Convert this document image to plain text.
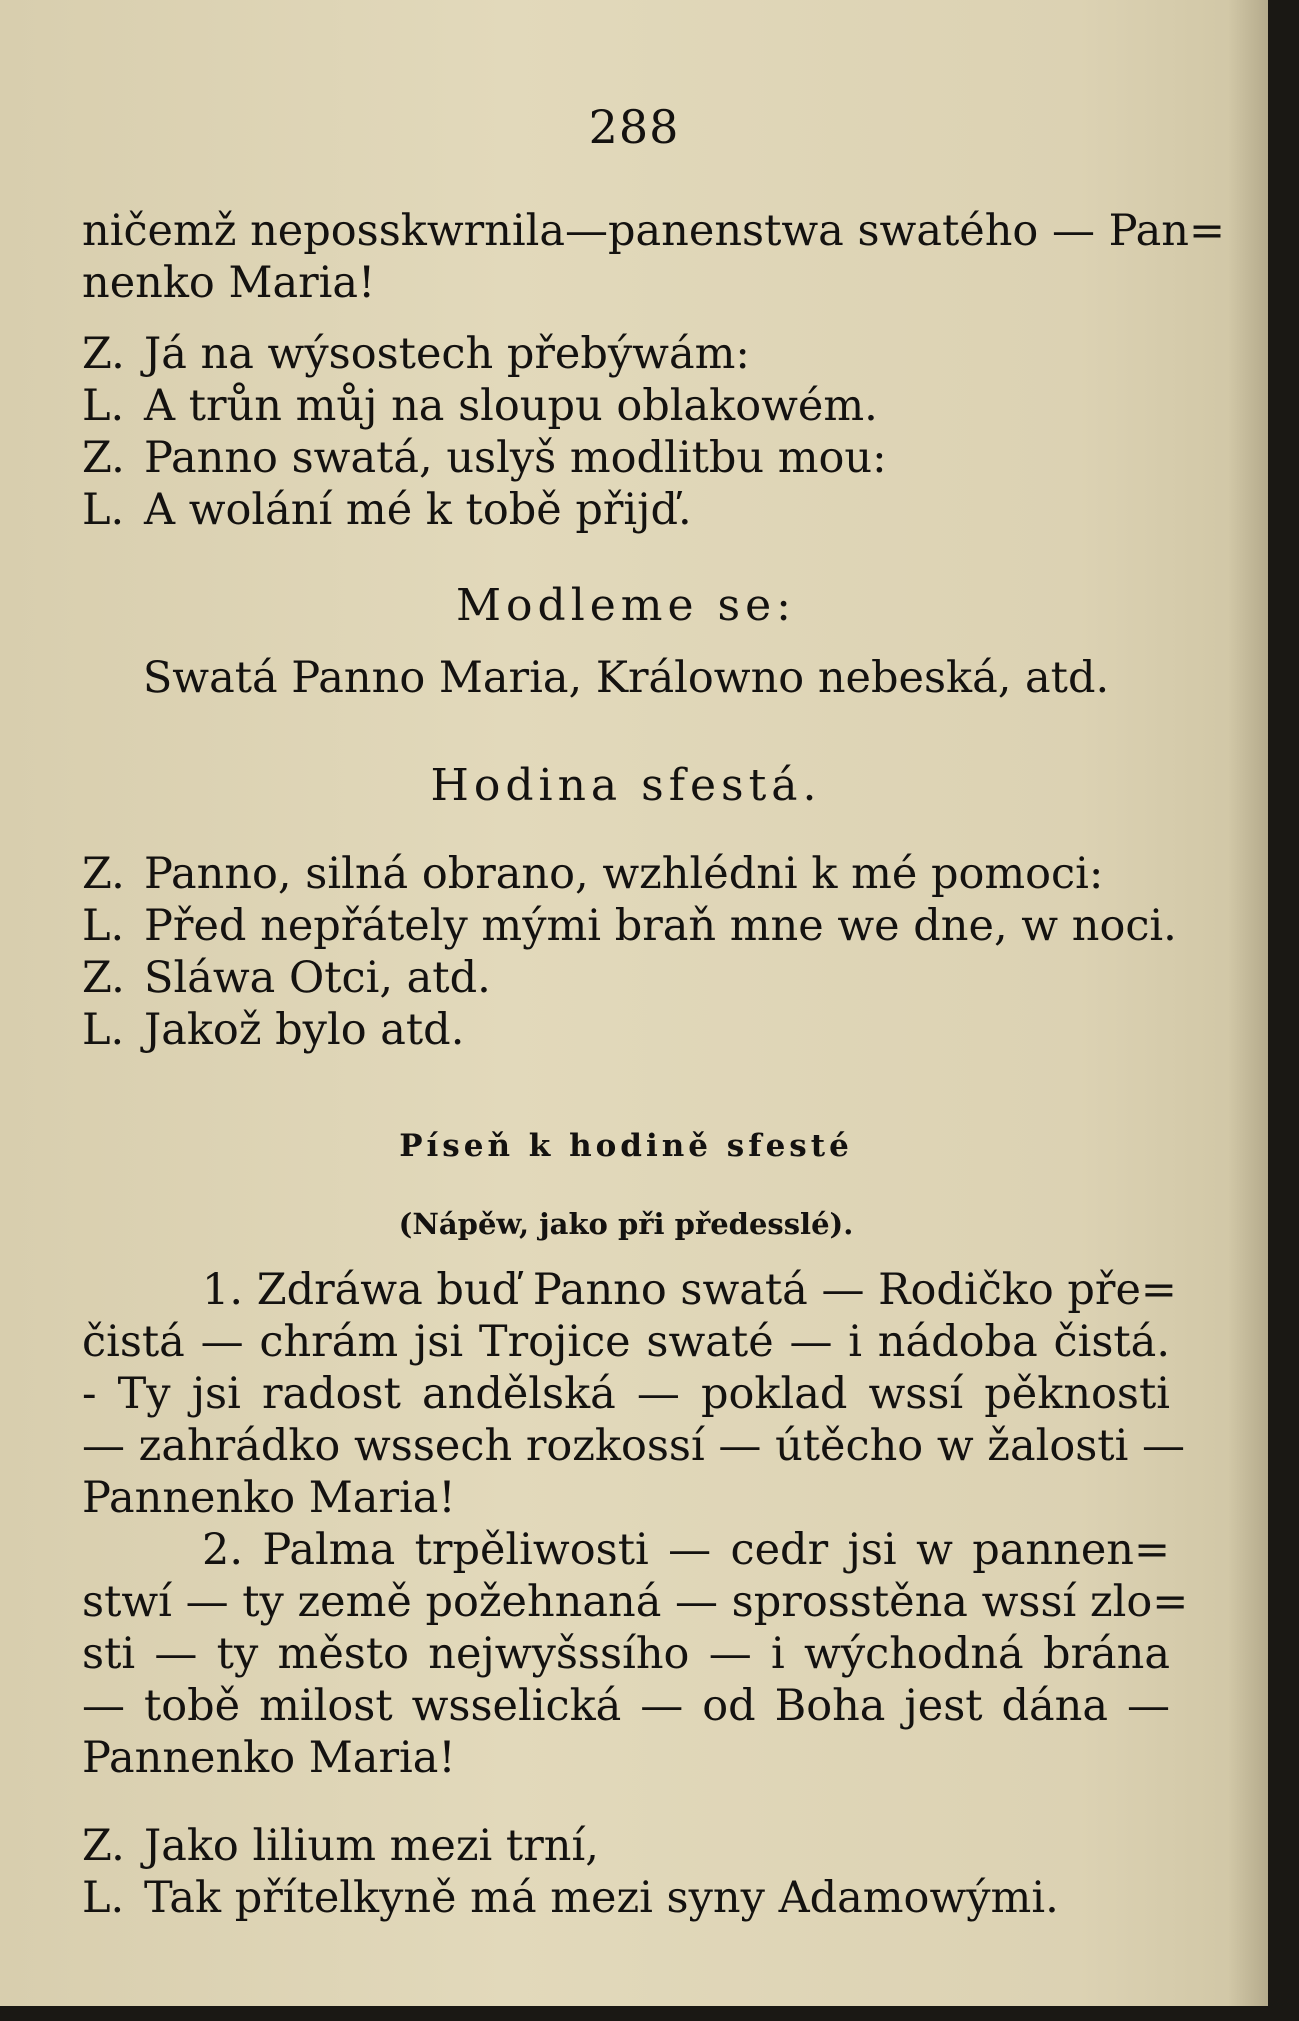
288
ničemž neposskwrnila—panenstwa swatého — Pan=
nenko Maria!
Z. Já na wýsostech přebýwám:
L. A trůn můj na sloupu oblakowém.
Z. Panno swatá, uslyš modlitbu mou:
L. A wolání mé k tobě přijď.
Modleme se:
Swatá Panno Maria, Králowno nebeská, atd.
Hodina sfestá.
Z. Panno, silná obrano, wzhlédni k mé pomoci:
L. Před nepřátely mými braň mne we dne, w noci.
Z. Sláwa Otci, atd.
L. Jakož bylo atd.
Píseň k hodině sfesté
(Nápěw, jako při předesslé).
1. Zdráwa buď Panno swatá — Rodičko pře=
čistá — chrám jsi Trojice swaté — i nádoba čistá.
- Ty jsi radost andělská — poklad wssí pěknosti
— zahrádko wssech rozkossí — útěcho w žalosti —
Pannenko Maria!
2. Palma trpěliwosti — cedr jsi w pannen=
stwí — ty země požehnaná — sprosstěna wssí zlo=
sti — ty město nejwyšssího — i wýchodná brána
— tobě milost wsselická — od Boha jest dána —
Pannenko Maria!
Z. Jako lilium mezi trní,
L. Tak přítelkyně má mezi syny Adamowými.
